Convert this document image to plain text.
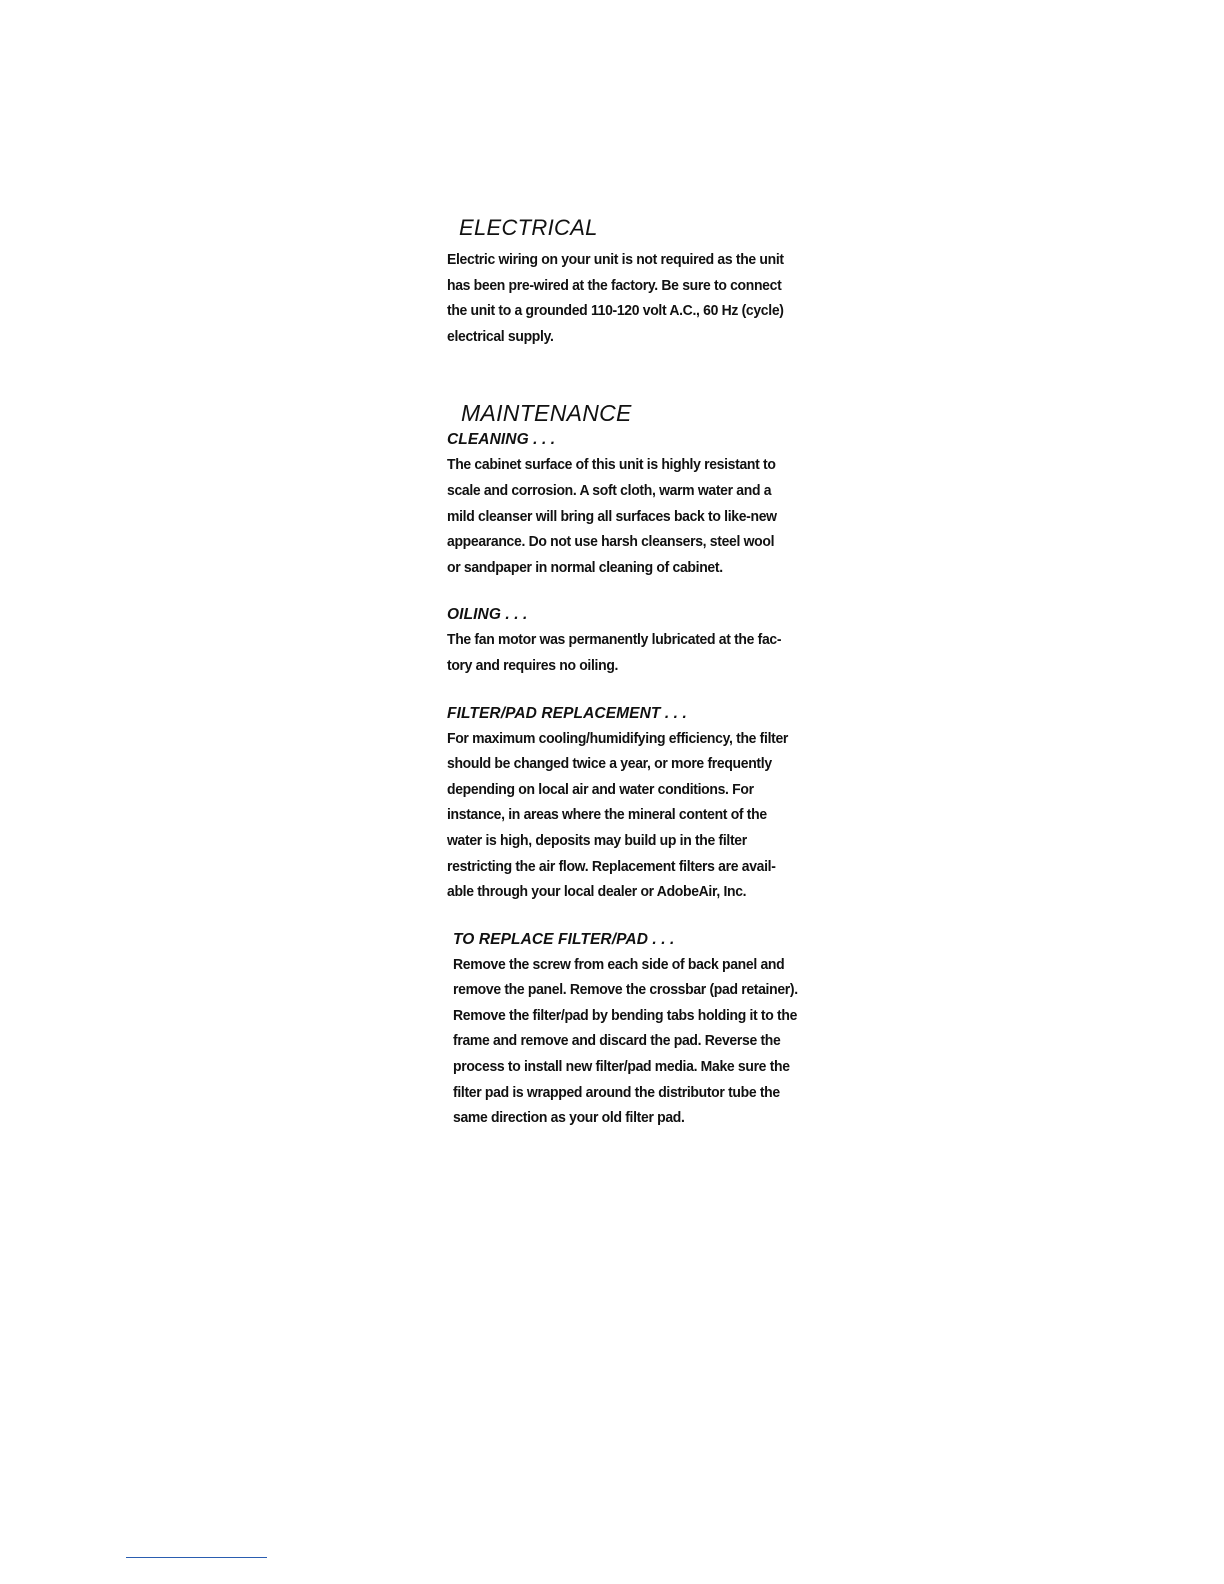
ELECTRICAL

Electric wiring on your unit is not required as the unit
has been pre-wired at the factory. Be sure to connect
the unit to a grounded 110-120 volt A.C., 60 Hz (cycle)
electrical supply.

MAINTENANCE
CLEANING . . .

The cabinet surface of this unit is highly resistant to
scale and corrosion. A soft cloth, warm water and a
mild cleanser will bring all surfaces back to like-new
appearance. Do not use harsh cleansers, steel wool
or sandpaper in normal cleaning of cabinet.

OILING . . .

The fan motor was permanently lubricated at the fac-
tory and requires no oiling.

FILTER/PAD REPLACEMENT . . .

For maximum cooling/humidifying efficiency, the filter
should be changed twice a year, or more frequently
depending on local air and water conditions. For
instance, in areas where the mineral content of the
water is high, deposits may build up in the filter
restricting the air flow. Replacement filters are avail-
able through your local dealer or AdobeAir, Inc.

TO REPLACE FILTER/PAD . . .

Remove the screw from each side of back panel and
remove the panel. Remove the crossbar (pad retainer).
Remove the filter/pad by bending tabs holding it to the
frame and remove and discard the pad. Reverse the
process to install new filter/pad media. Make sure the
filter pad is wrapped around the distributor tube the
same direction as your old filter pad.
